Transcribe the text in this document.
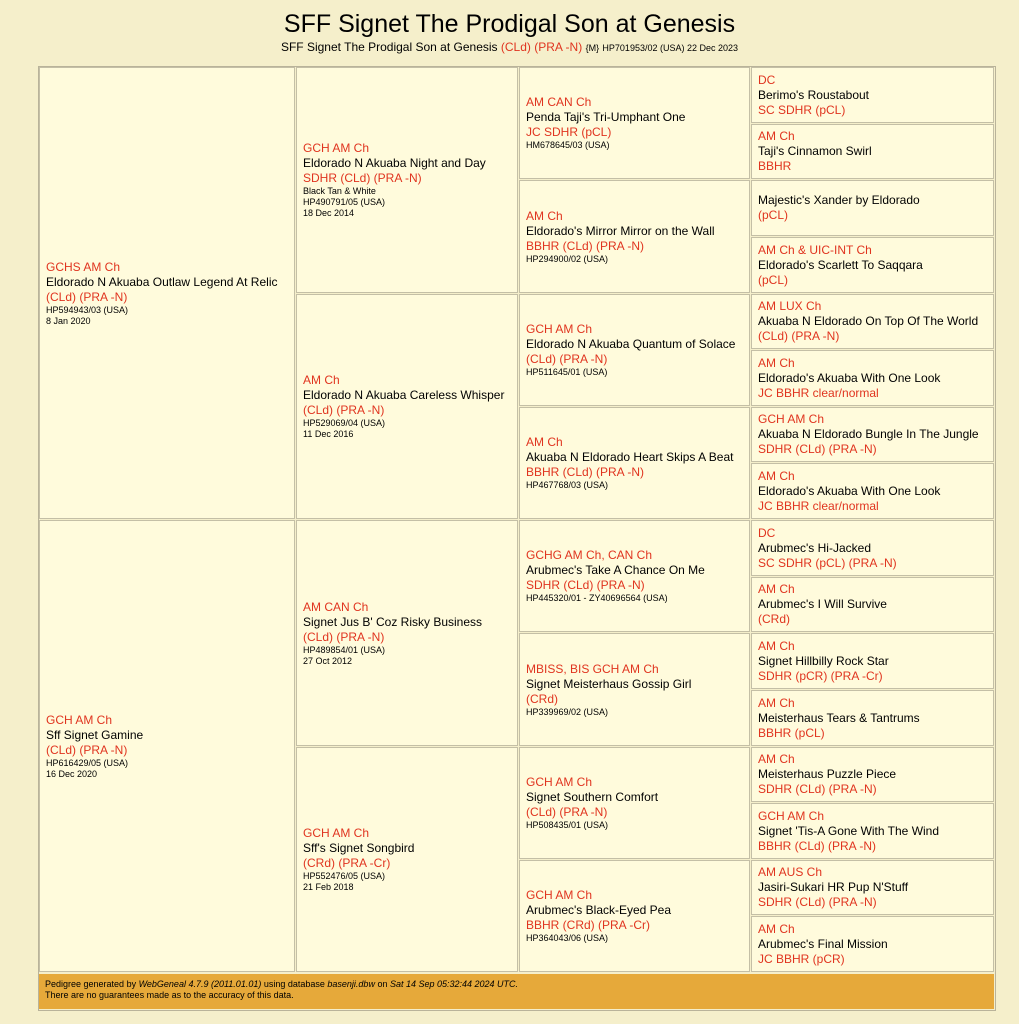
SFF Signet The Prodigal Son at Genesis
SFF Signet The Prodigal Son at Genesis (CLd) (PRA -N) {M} HP701953/02 (USA) 22 Dec 2023
GCHS AM Ch
Eldorado N Akuaba Outlaw Legend At Relic
(CLd) (PRA -N)
HP594943/03 (USA)
8 Jan 2020
GCH AM Ch
Sff Signet Gamine
(CLd) (PRA -N)
HP616429/05 (USA)
16 Dec 2020
GCH AM Ch
Eldorado N Akuaba Night and Day
SDHR (CLd) (PRA -N)
Black Tan & White
HP490791/05 (USA)
18 Dec 2014
AM Ch
Eldorado N Akuaba Careless Whisper
(CLd) (PRA -N)
HP529069/04 (USA)
11 Dec 2016
AM CAN Ch
Signet Jus B' Coz Risky Business
(CLd) (PRA -N)
HP489854/01 (USA)
27 Oct 2012
GCH AM Ch
Sff's Signet Songbird
(CRd) (PRA -Cr)
HP552476/05 (USA)
21 Feb 2018
AM CAN Ch
Penda Taji's Tri-Umphant One
JC SDHR (pCL)
HM678645/03 (USA)
AM Ch
Eldorado's Mirror Mirror on the Wall
BBHR (CLd) (PRA -N)
HP294900/02 (USA)
GCH AM Ch
Eldorado N Akuaba Quantum of Solace
(CLd) (PRA -N)
HP511645/01 (USA)
AM Ch
Akuaba N Eldorado Heart Skips A Beat
BBHR (CLd) (PRA -N)
HP467768/03 (USA)
GCHG AM Ch, CAN Ch
Arubmec's Take A Chance On Me
SDHR (CLd) (PRA -N)
HP445320/01 - ZY40696564 (USA)
MBISS, BIS GCH AM Ch
Signet Meisterhaus Gossip Girl
(CRd)
HP339969/02 (USA)
GCH AM Ch
Signet Southern Comfort
(CLd) (PRA -N)
HP508435/01 (USA)
GCH AM Ch
Arubmec's Black-Eyed Pea
BBHR (CRd) (PRA -Cr)
HP364043/06 (USA)
DC
Berimo's Roustabout
SC SDHR (pCL)
AM Ch
Taji's Cinnamon Swirl
BBHR
Majestic's Xander by Eldorado
(pCL)
AM Ch & UIC-INT Ch
Eldorado's Scarlett To Saqqara
(pCL)
AM LUX Ch
Akuaba N Eldorado On Top Of The World
(CLd) (PRA -N)
AM Ch
Eldorado's Akuaba With One Look
JC BBHR clear/normal
GCH AM Ch
Akuaba N Eldorado Bungle In The Jungle
SDHR (CLd) (PRA -N)
AM Ch
Eldorado's Akuaba With One Look
JC BBHR clear/normal
DC
Arubmec's Hi-Jacked
SC SDHR (pCL) (PRA -N)
AM Ch
Arubmec's I Will Survive
(CRd)
AM Ch
Signet Hillbilly Rock Star
SDHR (pCR) (PRA -Cr)
AM Ch
Meisterhaus Tears & Tantrums
BBHR (pCL)
AM Ch
Meisterhaus Puzzle Piece
SDHR (CLd) (PRA -N)
GCH AM Ch
Signet 'Tis-A Gone With The Wind
BBHR (CLd) (PRA -N)
AM AUS Ch
Jasiri-Sukari HR Pup N'Stuff
SDHR (CLd) (PRA -N)
AM Ch
Arubmec's Final Mission
JC BBHR (pCR)
Pedigree generated by WebGeneal 4.7.9 (2011.01.01) using database basenji.dbw on Sat 14 Sep 05:32:44 2024 UTC.
There are no guarantees made as to the accuracy of this data.
